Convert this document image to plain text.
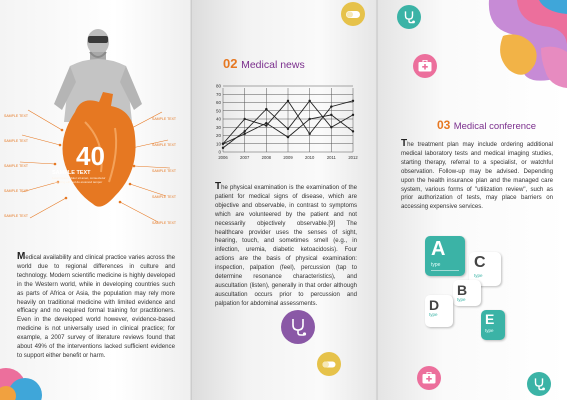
SAMPLE TEXT
SAMPLE TEXT
SAMPLE TEXT
SAMPLE TEXT
SAMPLE TEXT
SAMPLE TEXT
SAMPLE TEXT
SAMPLE TEXT
SAMPLE TEXT
SAMPLE TEXT
40
SAMPLE TEXT
Lorem ipsum dolor sit amet, consectetur adipiscing elit sed do eiusmod tempor

Medical availability and clinical practice varies across the world due to regional differences in culture and technology. Modern scientific medicine is highly developed in the Western world, while in developing countries such as parts of Africa or Asia, the population may rely more heavily on traditional medicine with limited evidence and efficacy and no required formal training for practitioners. Even in the developed world however, evidence-based medicine is not universally used in clinical practice; for example, a 2007 survey of literature reviews found that about 49% of the interventions lacked sufficient evidence to support either benefit or harm.

02 Medical news
0
10
20
30
40
50
60
70
80
2006	2007	2008	2009	2010	2011	2012

The physical examination is the examination of the patient for medical signs of disease, which are objective and observable, in contrast to symptoms which are volunteered by the patient and not necessarily objectively observable.[9] The healthcare provider uses the senses of sight, hearing, touch, and sometimes smell (e.g., in infection, uremia, diabetic ketoacidosis). Four actions are the basis of physical examination: inspection, palpation (feel), percussion (tap to determine resonance characteristics), and auscultation (listen), generally in that order although auscultation occurs prior to percussion and palpation for abdominal assessments.

03 Medical conference

The treatment plan may include ordering additional medical laboratory tests and medical imaging studies, starting therapy, referral to a specialist, or watchful observation. Follow-up may be advised. Depending upon the health insurance plan and the managed care system, various forms of "utilization review", such as prior authorization of tests, may place barriers on accessing expensive services.

A
type C
type
B
type
D
type	E
type
